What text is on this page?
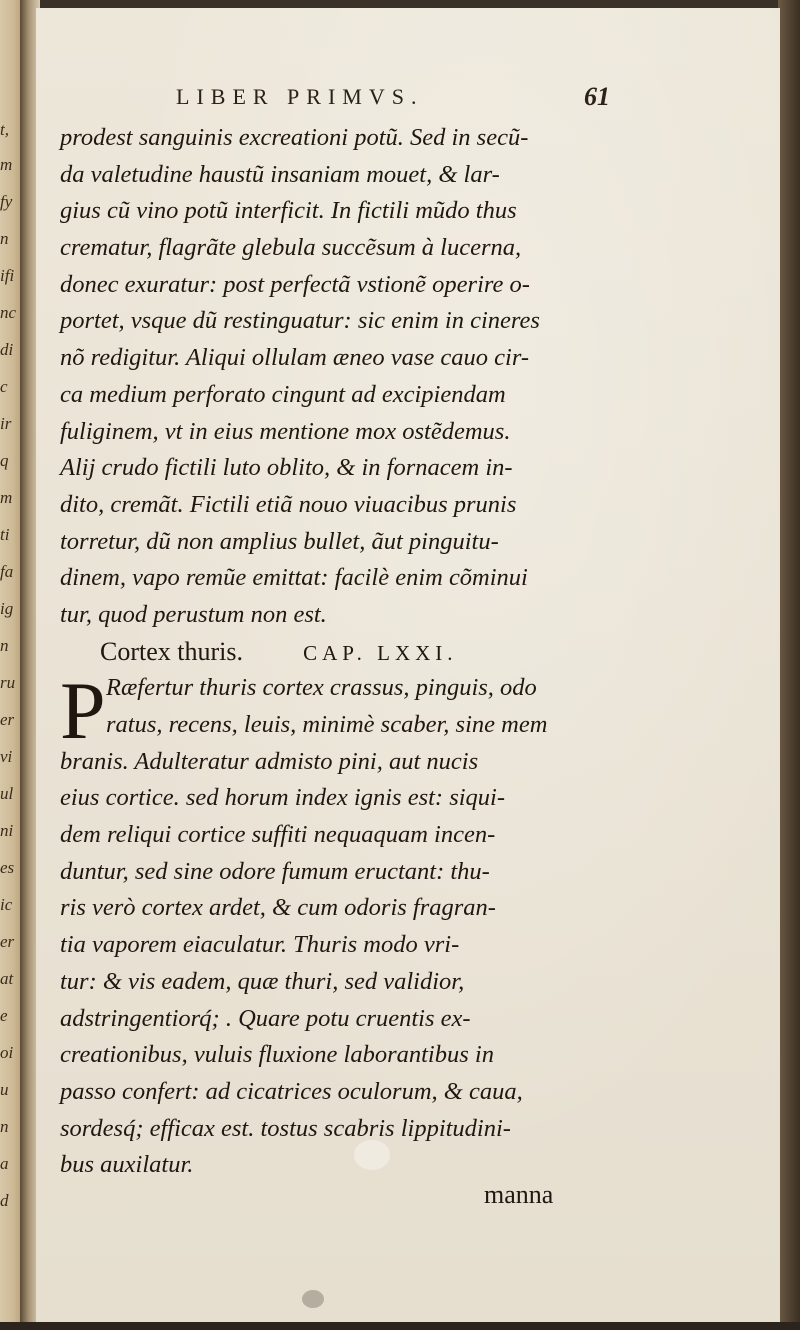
t,
m
fy
n
ifi
nc
di
c
ir
q
m
ti
fa
ig
n
ru
er
vi
ul
ni
es
ic
er
at
e
oi
u
n
a
d
LIBER PRIMVS.	61
prodest sanguinis excreationi potũ. Sed in secũ-
da valetudine haustũ insaniam mouet, & lar-
gius cũ vino potũ interficit. In fictili mũdo thus
crematur, flagrãte glebula succẽsum à lucerna,
donec exuratur: post perfectã vstionẽ operire o-
portet, vsque dũ restinguatur: sic enim in cineres
nõ redigitur. Aliqui ollulam æneo vase cauo cir-
ca medium perforato cingunt ad excipiendam
fuliginem, vt in eius mentione mox ostẽdemus.
Alij crudo fictili luto oblito, & in fornacem in-
dito, cremãt. Fictili etiã nouo viuacibus prunis
torretur, dũ non amplius bullet, ãut pinguitu-
dinem, vapo remũe emittat: facilè enim cõminui
tur, quod perustum non est.
Cortex thuris.	CAP. LXXI.
P Ræfertur thuris cortex crassus, pinguis, odo
ratus, recens, leuis, minimè scaber, sine mem
branis. Adulteratur admisto pini, aut nucis
eius cortice. sed horum index ignis est: siqui-
dem reliqui cortice suffiti nequaquam incen-
duntur, sed sine odore fumum eructant: thu-
ris verò cortex ardet, & cum odoris fragran-
tia vaporem eiaculatur. Thuris modo vri-
tur: & vis eadem, quæ thuri, sed validior,
adstringentiorq́; . Quare potu cruentis ex-
creationibus, vuluis fluxione laborantibus in
passo confert: ad cicatrices oculorum, & caua,
sordesq́; efficax est. tostus scabris lippitudini-
bus auxilatur.
manna
